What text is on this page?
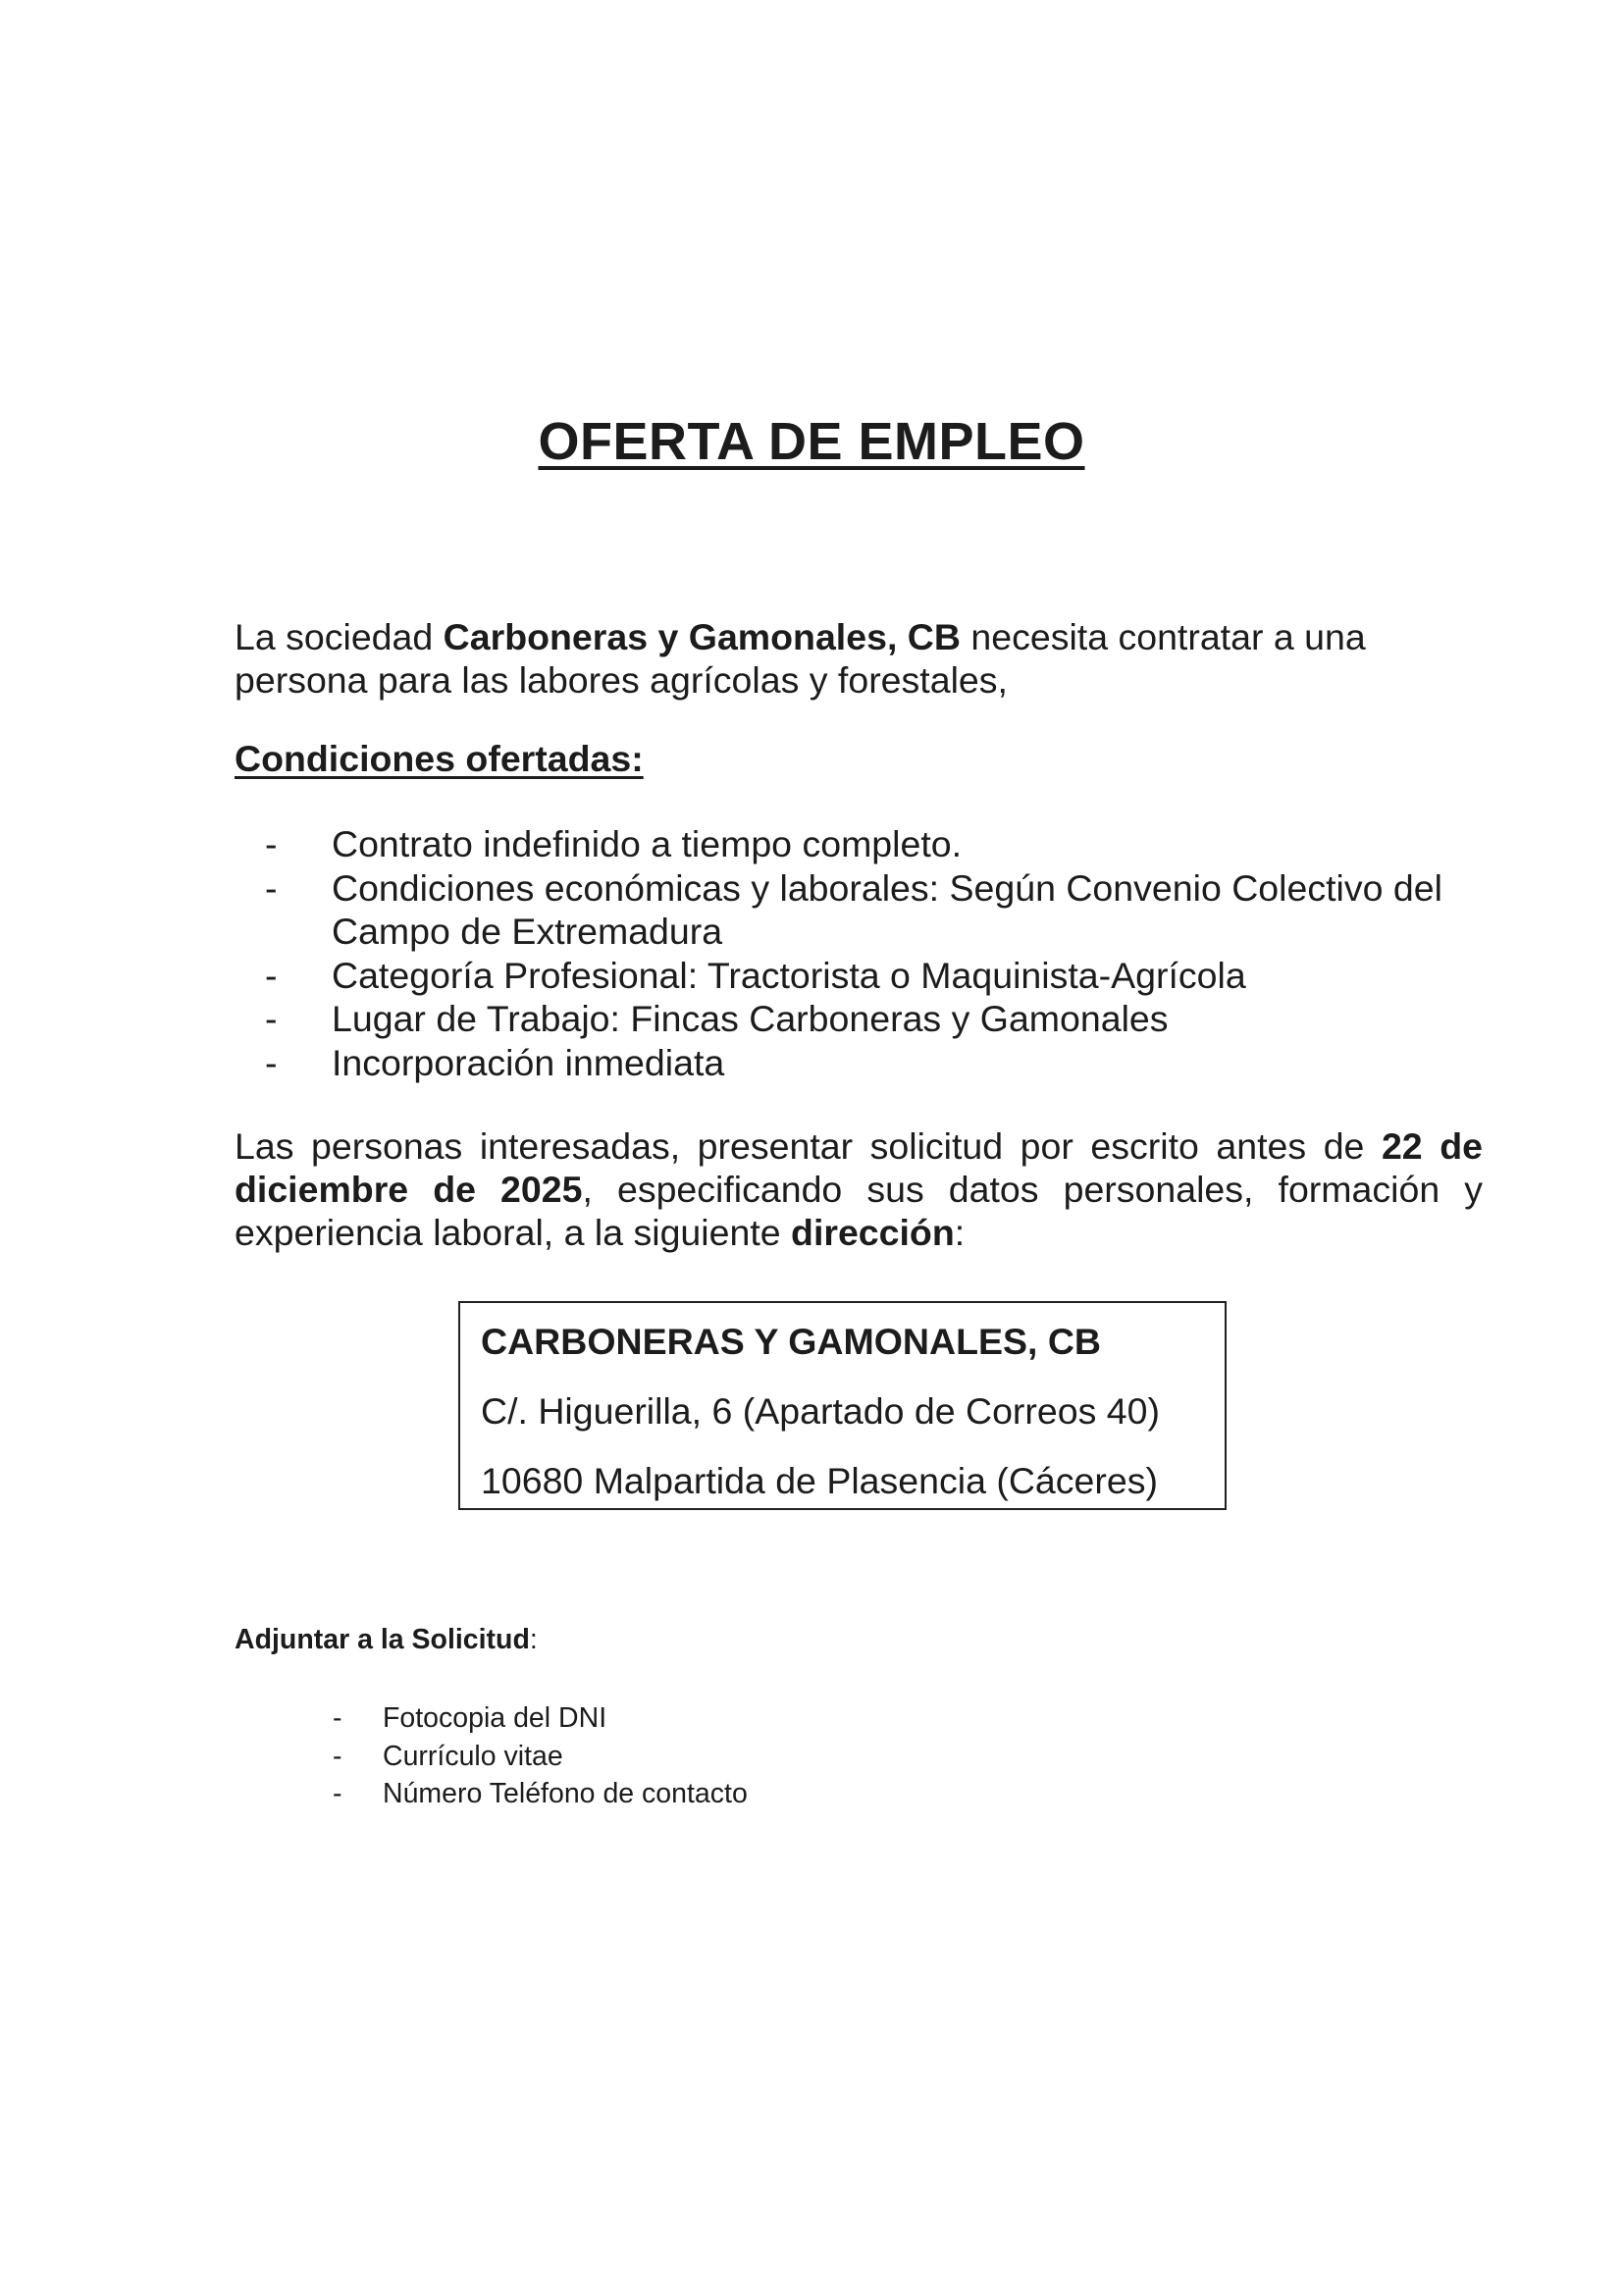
OFERTA DE EMPLEO

La sociedad Carboneras y Gamonales, CB necesita contratar a una
persona para las labores agrícolas y forestales,

Condiciones ofertadas:
- Contrato indefinido a tiempo completo.
- Condiciones económicas y laborales: Según Convenio Colectivo del Campo de Extremadura
- Categoría Profesional: Tractorista o Maquinista-Agrícola
- Lugar de Trabajo: Fincas Carboneras y Gamonales
- Incorporación inmediata

Las personas interesadas, presentar solicitud por escrito antes de 22 de diciembre de 2025, especificando sus datos personales, formación y experiencia laboral, a la siguiente dirección:

CARBONERAS Y GAMONALES, CB
C/. Higuerilla, 6 (Apartado de Correos 40)
10680 Malpartida de Plasencia (Cáceres)

Adjuntar a la Solicitud:

- Fotocopia del DNI
- Currículo vitae
- Número Teléfono de contacto
